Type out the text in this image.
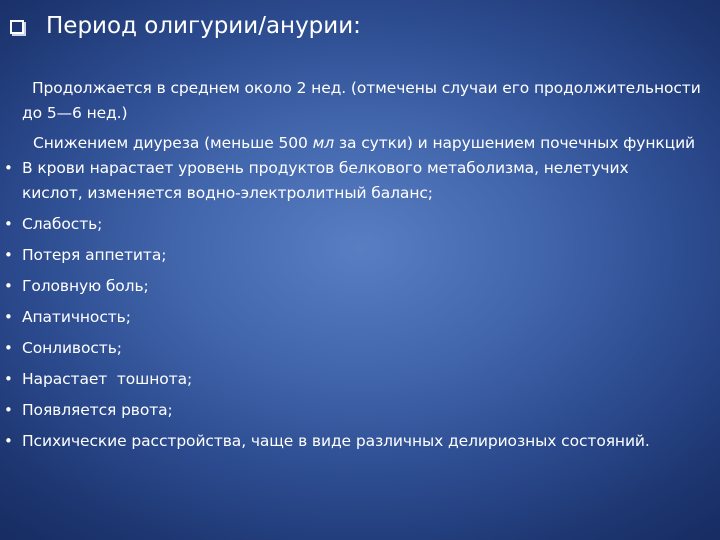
Период олигурии/анурии:
Продолжается в среднем около 2 нед. (отмечены случаи его продолжительности до 5—6 нед.)
Снижением диуреза (меньше 500 мл за сутки) и нарушением почечных функций
• В крови нарастает уровень продуктов белкового метаболизма, нелетучих кислот, изменяется водно-электролитный баланс;
• Слабость;
• Потеря аппетита;
• Головную боль;
• Апатичность;
• Сонливость;
• Нарастает  тошнота;
• Появляется рвота;
• Психические расстройства, чаще в виде различных делириозных состояний.
